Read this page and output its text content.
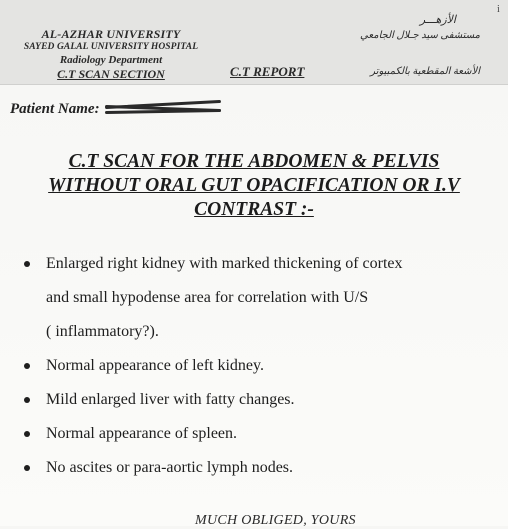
AL-AZHAR UNIVERSITY
SAYED GALAL UNIVERSITY HOSPITAL
Radiology Department
C.T SCAN SECTION	C.T REPORT
الأزهـــر
مستشفى سيد جـلال الجامعي
الأشعة المقطعية بالكمبيوتر
i
Patient Name:
C.T SCAN FOR THE ABDOMEN & PELVIS
WITHOUT ORAL GUT OPACIFICATION OR I.V
CONTRAST :-
Enlarged right kidney with marked thickening of cortex
and small hypodense area for correlation with U/S
( inflammatory?).
Normal appearance of left kidney.
Mild enlarged liver with fatty changes.
Normal appearance of spleen.
No ascites or para-aortic lymph nodes.
MUCH OBLIGED, YOURS
